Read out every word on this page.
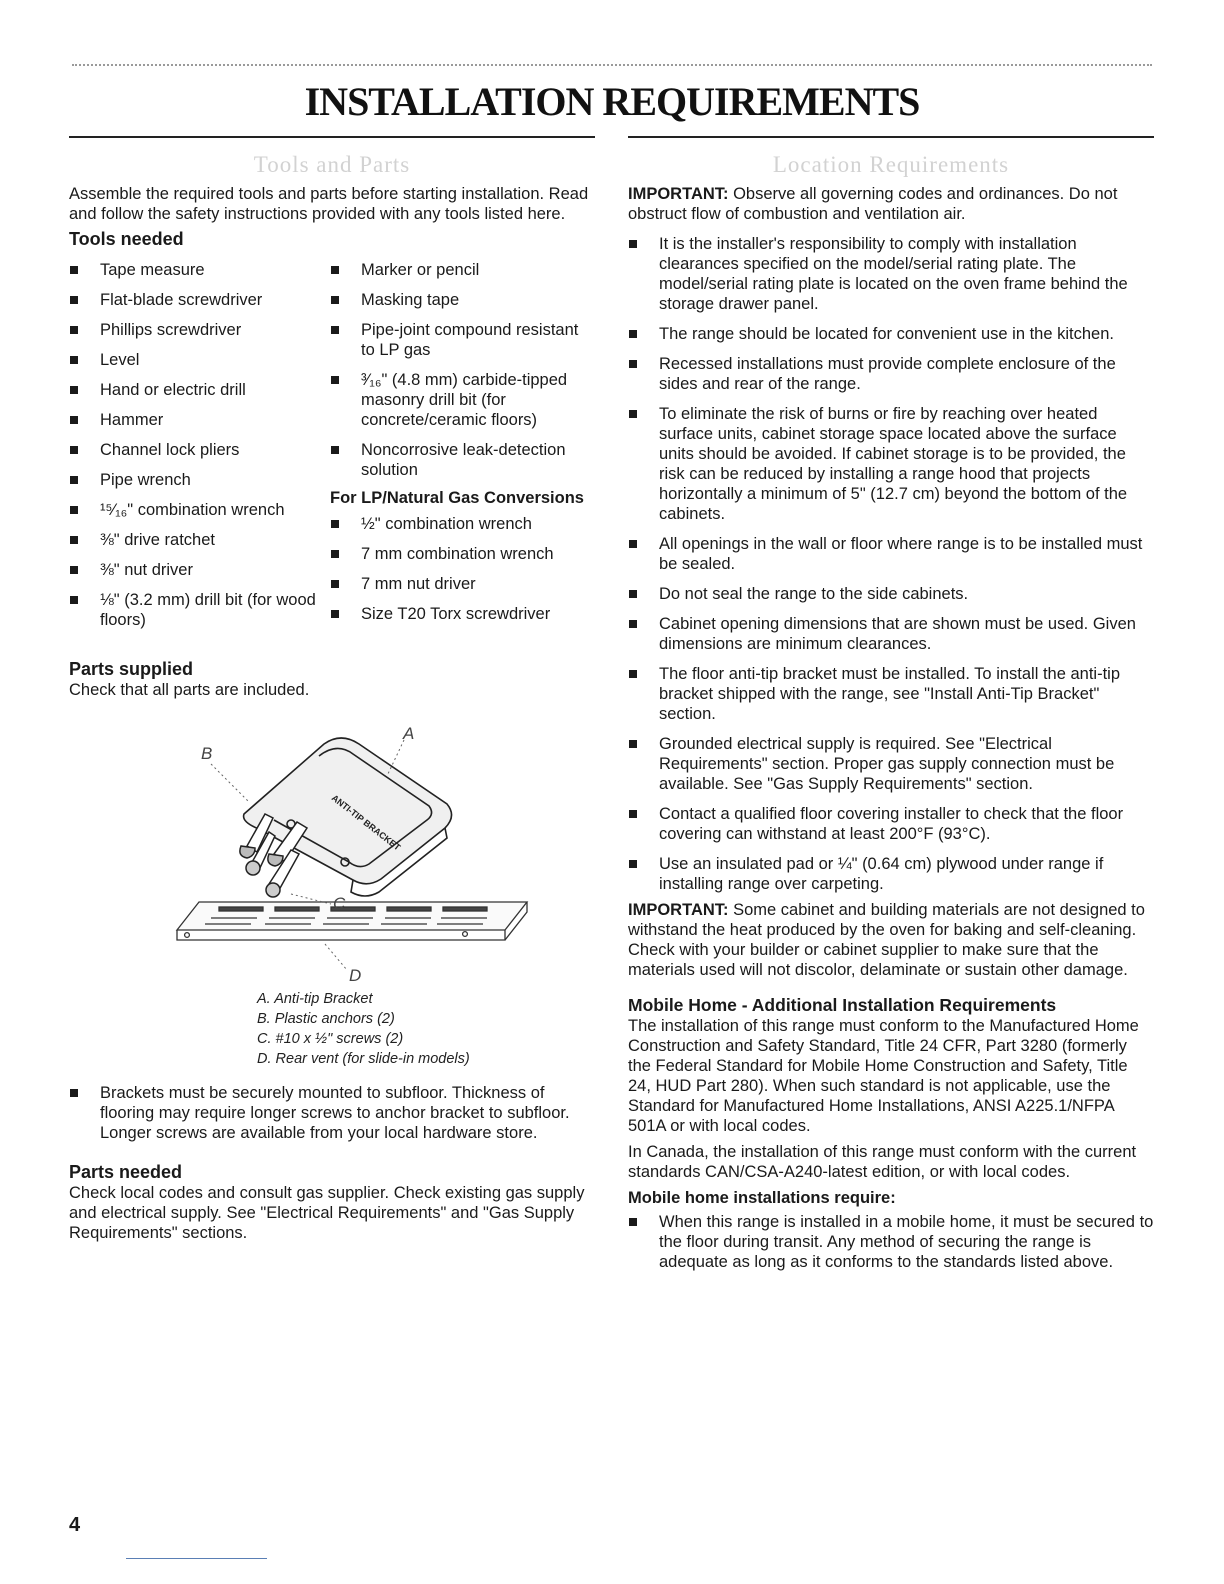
INSTALLATION REQUIREMENTS
Tools and Parts

Assemble the required tools and parts before starting installation. Read and follow the safety instructions provided with any tools listed here.

Tools needed
Tape measure
Flat-blade screwdriver
Phillips screwdriver
Level
Hand or electric drill
Hammer
Channel lock pliers
Pipe wrench
¹⁵⁄₁₆" combination wrench
⅜" drive ratchet
⅜" nut driver
⅛" (3.2 mm) drill bit (for wood floors)
Marker or pencil
Masking tape
Pipe-joint compound resistant to LP gas
³⁄₁₆" (4.8 mm) carbide-tipped masonry drill bit (for concrete/ceramic floors)
Noncorrosive leak-detection solution
For LP/Natural Gas Conversions
½" combination wrench
7 mm combination wrench
7 mm nut driver
Size T20 Torx screwdriver
Parts supplied

Check that all parts are included.

ANTI-TIP BRACKET
A
B
C
D
A. Anti-tip Bracket
B. Plastic anchors (2)
C. #10 x ½" screws (2)
D. Rear vent (for slide-in models)
Brackets must be securely mounted to subfloor. Thickness of flooring may require longer screws to anchor bracket to subfloor. Longer screws are available from your local hardware store.
Parts needed

Check local codes and consult gas supplier. Check existing gas supply and electrical supply. See "Electrical Requirements" and "Gas Supply Requirements" sections.

Location Requirements

IMPORTANT: Observe all governing codes and ordinances. Do not obstruct flow of combustion and ventilation air.

It is the installer's responsibility to comply with installation clearances specified on the model/serial rating plate. The model/serial rating plate is located on the oven frame behind the storage drawer panel.
The range should be located for convenient use in the kitchen.
Recessed installations must provide complete enclosure of the sides and rear of the range.
To eliminate the risk of burns or fire by reaching over heated surface units, cabinet storage space located above the surface units should be avoided. If cabinet storage is to be provided, the risk can be reduced by installing a range hood that projects horizontally a minimum of 5" (12.7 cm) beyond the bottom of the cabinets.
All openings in the wall or floor where range is to be installed must be sealed.
Do not seal the range to the side cabinets.
Cabinet opening dimensions that are shown must be used. Given dimensions are minimum clearances.
The floor anti-tip bracket must be installed. To install the anti-tip bracket shipped with the range, see "Install Anti-Tip Bracket" section.
Grounded electrical supply is required. See "Electrical Requirements" section. Proper gas supply connection must be available. See "Gas Supply Requirements" section.
Contact a qualified floor covering installer to check that the floor covering can withstand at least 200°F (93°C).
Use an insulated pad or ¼" (0.64 cm) plywood under range if installing range over carpeting.

IMPORTANT: Some cabinet and building materials are not designed to withstand the heat produced by the oven for baking and self-cleaning. Check with your builder or cabinet supplier to make sure that the materials used will not discolor, delaminate or sustain other damage.

Mobile Home - Additional Installation Requirements

The installation of this range must conform to the Manufactured Home Construction and Safety Standard, Title 24 CFR, Part 3280 (formerly the Federal Standard for Mobile Home Construction and Safety, Title 24, HUD Part 280). When such standard is not applicable, use the Standard for Manufactured Home Installations, ANSI A225.1/NFPA 501A or with local codes.

In Canada, the installation of this range must conform with the current standards CAN/CSA-A240-latest edition, or with local codes.

Mobile home installations require:
When this range is installed in a mobile home, it must be secured to the floor during transit. Any method of securing the range is adequate as long as it conforms to the standards listed above.
4
